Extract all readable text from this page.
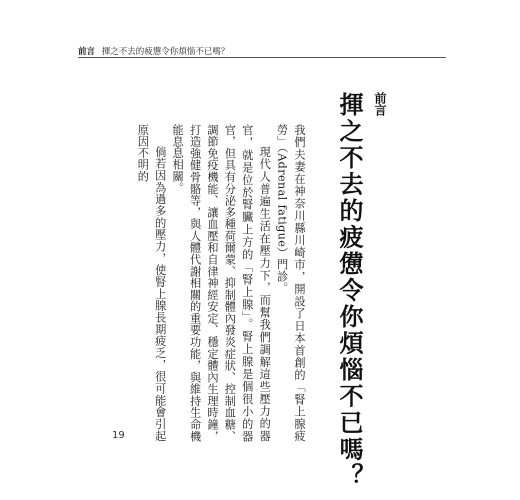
前言 揮之不去的疲憊令你煩惱不已嗎？
揮之不去的疲憊令你煩惱不已嗎？ 前言

我們夫妻在神奈川縣川崎市，開設了日本首創的「腎上腺疲勞」（Adrenal fatigue）門診。

現代人普遍生活在壓力下，而幫我們調解這些壓力的器官，就是位於腎臟上方的「腎上腺」。腎上腺是個很小的器官，但具有分泌多種荷爾蒙、抑制體內發炎症狀、控制血糖、調節免疫機能、讓血壓和自律神經安定、穩定體內生理時鐘，打造強健骨骼等，與人體代謝相關的重要功能，與維持生命機能息息相關。

倘若因為過多的壓力，使腎上腺長期疲乏，很可能會引起原因不明的

19
